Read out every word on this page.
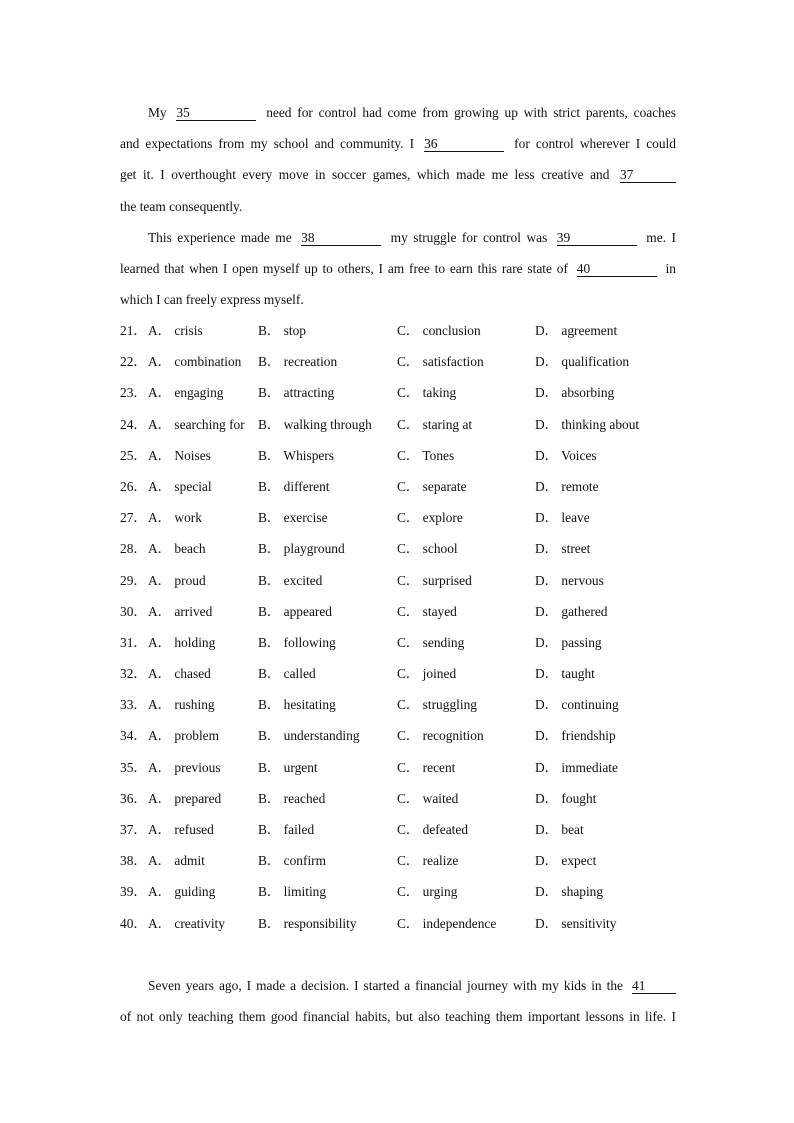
My 35	need for control had come from growing up with strict parents, coaches
and expectations from my school and community. I 36	for control wherever I could
get it. I overthought every move in soccer games, which made me less creative and 37
the team consequently.
This experience made me 38	my struggle for control was 39	me. I
learned that when I open myself up to others, I am free to earn this rare state of 40	in
which I can freely express myself.
21． A． crisis	B． stop	C． conclusion	D． agreement
22． A． combination B． recreation	C． satisfaction	D． qualification
23． A． engaging	B． attracting	C． taking	D． absorbing
24． A． searching for B． walking through C． staring at	D． thinking about
25． A． Noises	B． Whispers	C． Tones	D． Voices
26． A． special	B． different	C． separate	D． remote
27． A． work	B． exercise	C． explore	D． leave
28． A． beach	B． playground	C． school	D． street
29． A． proud	B． excited	C． surprised	D． nervous
30． A． arrived	B． appeared	C． stayed	D． gathered
31． A． holding	B． following	C． sending	D． passing
32． A． chased	B． called	C． joined	D． taught
33． A． rushing	B． hesitating	C． struggling	D． continuing
34． A． problem	B． understanding	C． recognition	D． friendship
35． A． previous	B． urgent	C． recent	D． immediate
36． A． prepared	B． reached	C． waited	D． fought
37． A． refused	B． failed	C． defeated	D． beat
38． A． admit	B． confirm	C． realize	D． expect
39． A． guiding	B． limiting	C． urging	D． shaping
40． A． creativity B． responsibility	C． independence	D． sensitivity
Seven years ago, I made a decision. I started a financial journey with my kids in the 41
of not only teaching them good financial habits, but also teaching them important lessons in life. I
